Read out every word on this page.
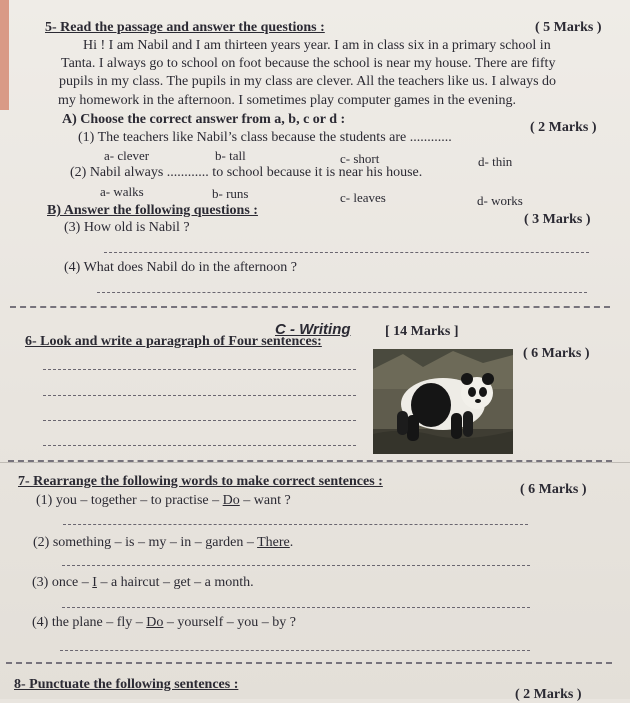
5- Read the passage and answer the questions :	( 5 Marks )
Hi ! I am Nabil and I am thirteen years year. I am in class six in a primary school in
Tanta. I always go to school on foot because the school is near my house. There are fifty
pupils in my class. The pupils in my class are clever. All the teachers like us. I always do
my homework in the afternoon. I sometimes play computer games in the evening.
A) Choose the correct answer from a, b, c or d :
( 2 Marks )
(1) The teachers like Nabil’s class because the students are ............
a- clever	b- tall	c- short	d- thin
(2) Nabil always ............ to school because it is near his house.
a- walks	b- runs	c- leaves	d- works
B) Answer the following questions :
( 3 Marks )
(3) How old is Nabil ?
(4) What does Nabil do in the afternoon ?
C - Writing [ 14 Marks ]
6- Look and write a paragraph of Four sentences:
( 6 Marks )
7- Rearrange the following words to make correct sentences :
( 6 Marks )
(1) you – together – to practise – Do – want ?
(2) something – is – my – in – garden – There.
(3) once – I – a haircut – get – a month.
(4) the plane – fly – Do – yourself – you – by ?
8- Punctuate the following sentences :
( 2 Marks )
